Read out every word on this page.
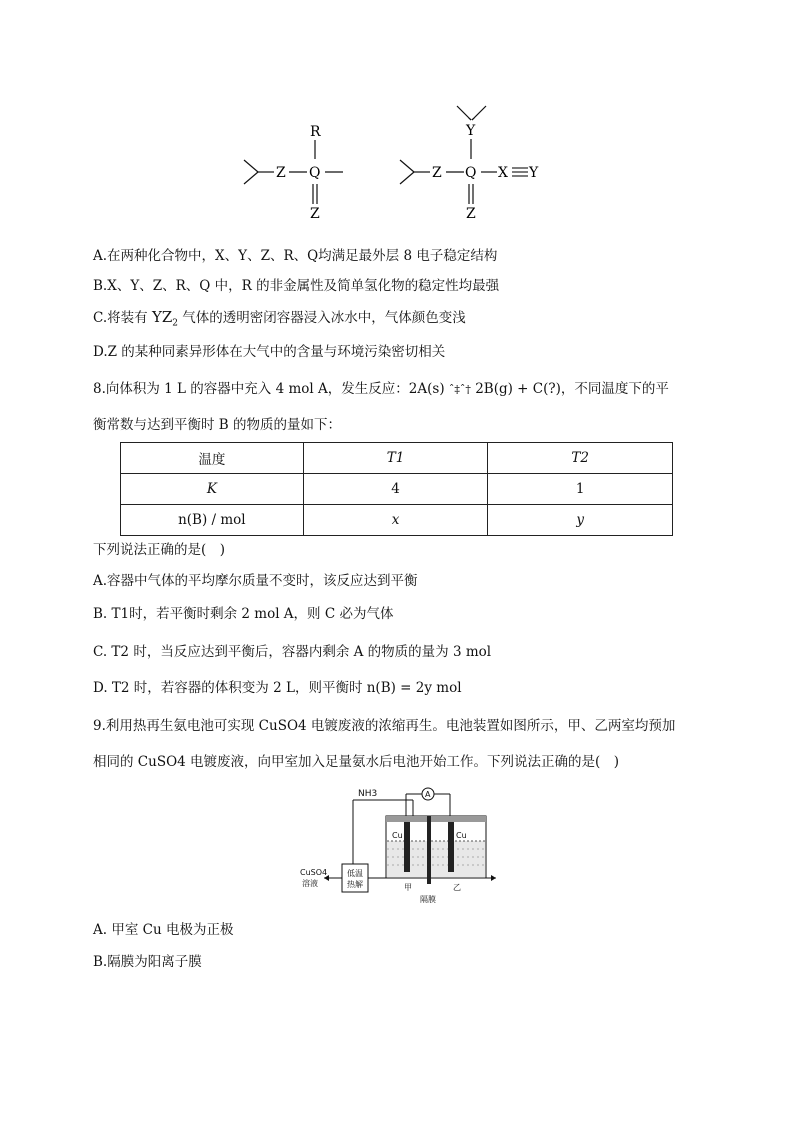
Z Q
R
Z
Z Q X Y
Y
Z
A.在两种化合物中，X、Y、Z、R、Q均满足最外层 8 电子稳定结构
B.X、Y、Z、R、Q 中，R 的非金属性及简单氢化物的稳定性均最强
C.将装有 $YZ_2$ 气体的透明密闭容器浸入冰水中，气体颜色变浅
D.Z 的某种同素异形体在大气中的含量与环境污染密切相关
8.向体积为 1 L 的容器中充入 4 mol A，发生反应：2A(s) ˆ‡ˆ† 2B(g) + C(?)，不同温度下的平
衡常数与达到平衡时 B 的物质的量如下：
温度	T1	T2
K	4	1
n(B) / mol	x	y
下列说法正确的是(　)
A.容器中气体的平均摩尔质量不变时，该反应达到平衡
B. T1时，若平衡时剩余 2 mol A，则 C 必为气体
C. T2 时，当反应达到平衡后，容器内剩余 A 的物质的量为 3 mol
D. T2 时，若容器的体积变为 2 L，则平衡时 n(B) = 2y mol
9.利用热再生氨电池可实现 CuSO4 电镀废液的浓缩再生。电池装置如图所示，甲、乙两室均预加
相同的 CuSO4 电镀废液，向甲室加入足量氨水后电池开始工作。下列说法正确的是(　)
NH3	A
Cu	Cu
低温
热解
CuSO4
溶液	甲	乙
隔膜
A. 甲室 Cu 电极为正极
B.隔膜为阳离子膜
